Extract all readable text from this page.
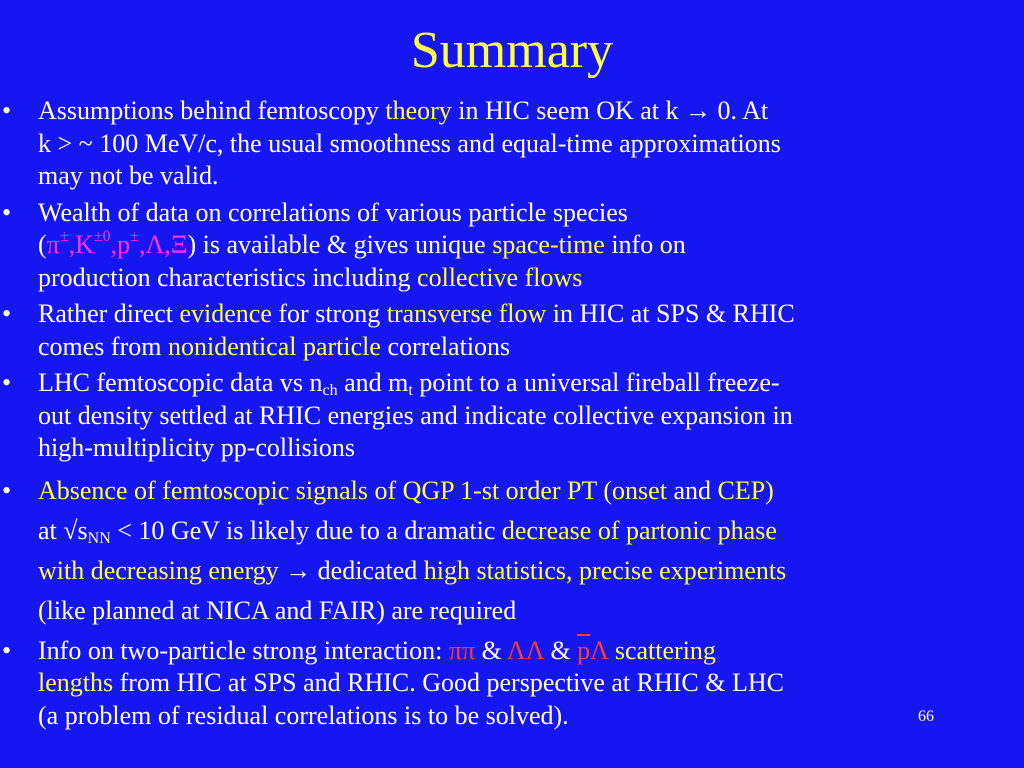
Summary
•	Assumptions behind femtoscopy theory in HIC seem OK at k → 0. At
k > ~ 100 MeV/c, the usual smoothness and equal-time approximations
may not be valid.
•	Wealth of data on correlations of various particle species
$(\pi^\pm,K^{\pm 0},p^\pm,\Lambda,\Xi)$ is available & gives unique space-time info on
production characteristics including collective flows
•	Rather direct evidence for strong transverse flow in HIC at SPS & RHIC
comes from nonidentical particle correlations
•	LHC femtoscopic data vs $n_{ch}$ and $m_t$ point to a universal fireball freeze-
out density settled at RHIC energies and indicate collective expansion in
high-multiplicity pp-collisions
•	Absence of femtoscopic signals of QGP 1-st order PT (onset and CEP)
at $√s_{NN} < 10$ GeV is likely due to a dramatic decrease of partonic phase
with decreasing energy → dedicated high statistics, precise experiments
(like planned at NICA and FAIR) are required
•	Info on two-particle strong interaction: ππ & ΛΛ & $\overline{p}\Lambda$ scattering
lengths from HIC at SPS and RHIC. Good perspective at RHIC & LHC
(a problem of residual correlations is to be solved).	66
